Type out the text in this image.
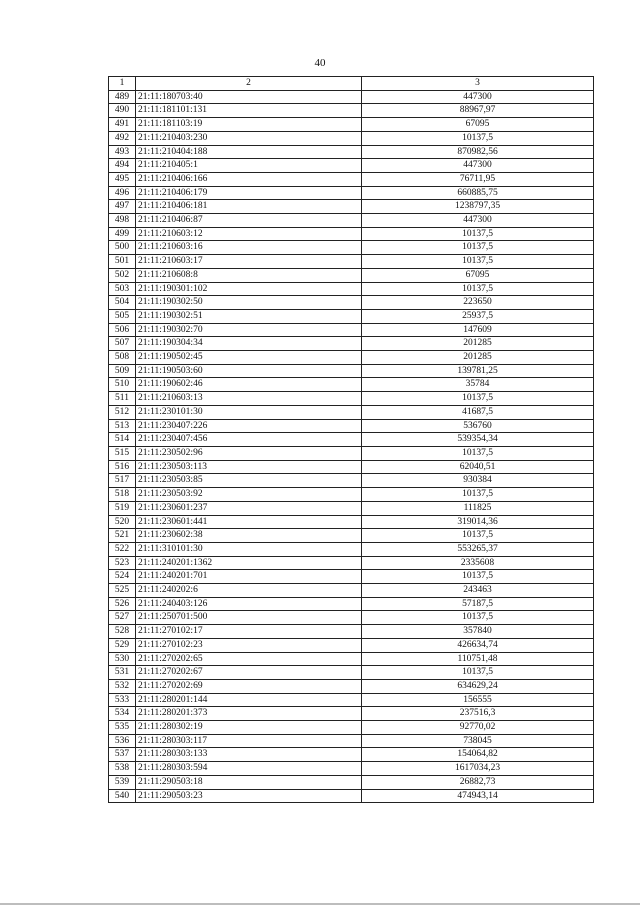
40
1	2	3
489	21:11:180703:40	447300
490	21:11:181101:131	88967,97
491	21:11:181103:19	67095
492	21:11:210403:230	10137,5
493	21:11:210404:188	870982,56
494	21:11:210405:1	447300
495	21:11:210406:166	76711,95
496	21:11:210406:179	660885,75
497	21:11:210406:181	1238797,35
498	21:11:210406:87	447300
499	21:11:210603:12	10137,5
500	21:11:210603:16	10137,5
501	21:11:210603:17	10137,5
502	21:11:210608:8	67095
503	21:11:190301:102	10137,5
504	21:11:190302:50	223650
505	21:11:190302:51	25937,5
506	21:11:190302:70	147609
507	21:11:190304:34	201285
508	21:11:190502:45	201285
509	21:11:190503:60	139781,25
510	21:11:190602:46	35784
511	21:11:210603:13	10137,5
512	21:11:230101:30	41687,5
513	21:11:230407:226	536760
514	21:11:230407:456	539354,34
515	21:11:230502:96	10137,5
516	21:11:230503:113	62040,51
517	21:11:230503:85	930384
518	21:11:230503:92	10137,5
519	21:11:230601:237	111825
520	21:11:230601:441	319014,36
521	21:11:230602:38	10137,5
522	21:11:310101:30	553265,37
523	21:11:240201:1362	2335608
524	21:11:240201:701	10137,5
525	21:11:240202:6	243463
526	21:11:240403:126	57187,5
527	21:11:250701:500	10137,5
528	21:11:270102:17	357840
529	21:11:270102:23	426634,74
530	21:11:270202:65	110751,48
531	21:11:270202:67	10137,5
532	21:11:270202:69	634629,24
533	21:11:280201:144	156555
534	21:11:280201:373	237516,3
535	21:11:280302:19	92770,02
536	21:11:280303:117	738045
537	21:11:280303:133	154064,82
538	21:11:280303:594	1617034,23
539	21:11:290503:18	26882,73
540	21:11:290503:23	474943,14
